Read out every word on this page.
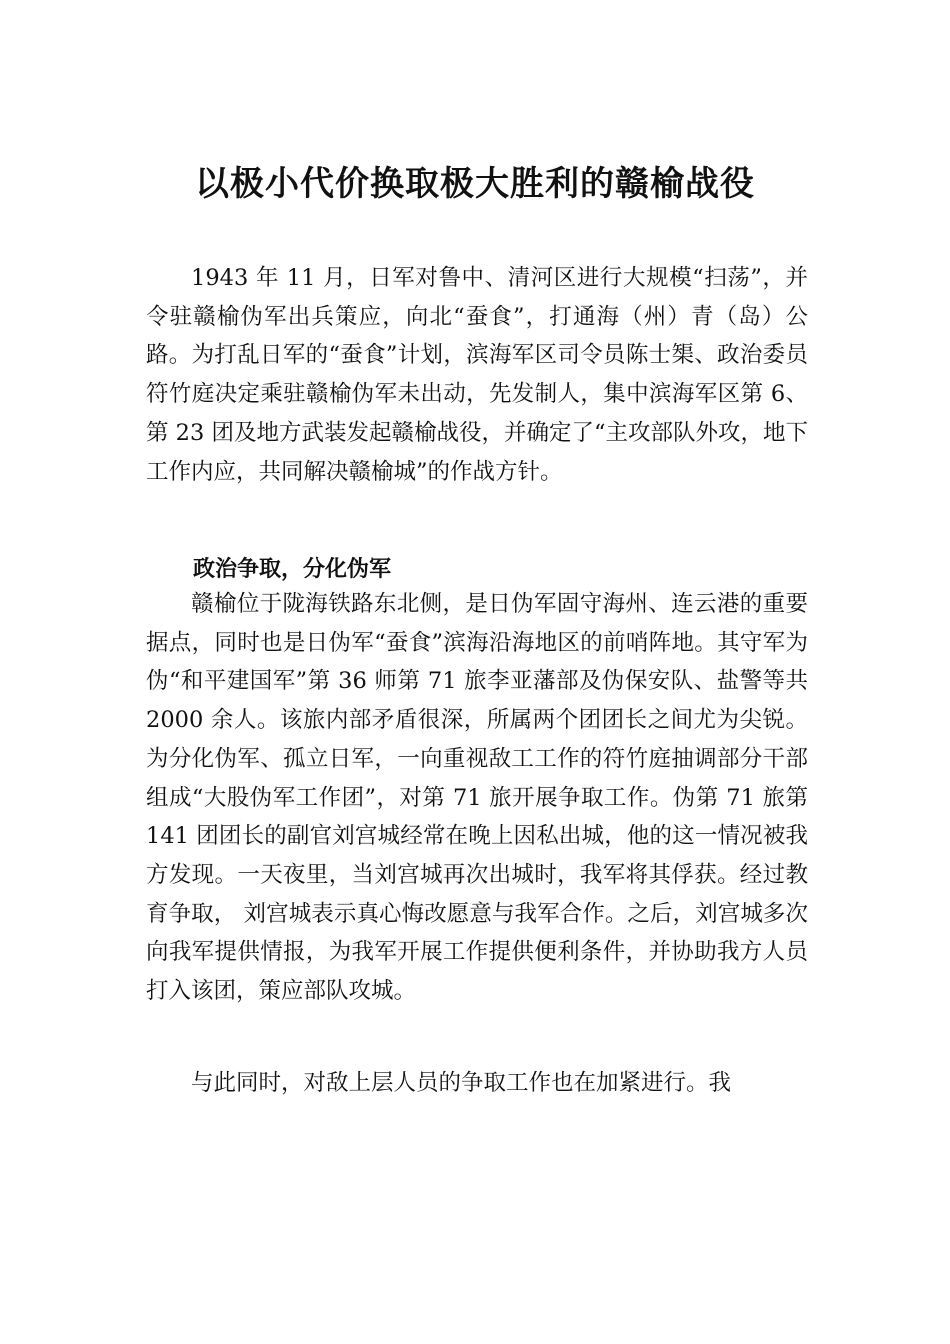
以极小代价换取极大胜利的赣榆战役

1943 年 11 月，日军对鲁中、清河区进行大规模“扫荡”，并令驻赣榆伪军出兵策应，向北“蚕食”，打通海（州）青（岛）公路。为打乱日军的“蚕食”计划，滨海军区司令员陈士榘、政治委员符竹庭决定乘驻赣榆伪军未出动，先发制人，集中滨海军区第 6、第 23 团及地方武装发起赣榆战役，并确定了“主攻部队外攻，地下工作内应，共同解决赣榆城”的作战方针。

政治争取，分化伪军

赣榆位于陇海铁路东北侧，是日伪军固守海州、连云港的重要据点，同时也是日伪军“蚕食”滨海沿海地区的前哨阵地。其守军为伪“和平建国军”第 36 师第 71 旅李亚藩部及伪保安队、盐警等共 2000 余人。该旅内部矛盾很深，所属两个团团长之间尤为尖锐。为分化伪军、孤立日军，一向重视敌工工作的符竹庭抽调部分干部组成“大股伪军工作团”，对第 71 旅开展争取工作。伪第 71 旅第 141 团团长的副官刘宫城经常在晚上因私出城，他的这一情况被我方发现。一天夜里，当刘宫城再次出城时，我军将其俘获。经过教育争取， 刘宫城表示真心悔改愿意与我军合作。之后，刘宫城多次向我军提供情报，为我军开展工作提供便利条件，并协助我方人员打入该团，策应部队攻城。

与此同时，对敌上层人员的争取工作也在加紧进行。我
